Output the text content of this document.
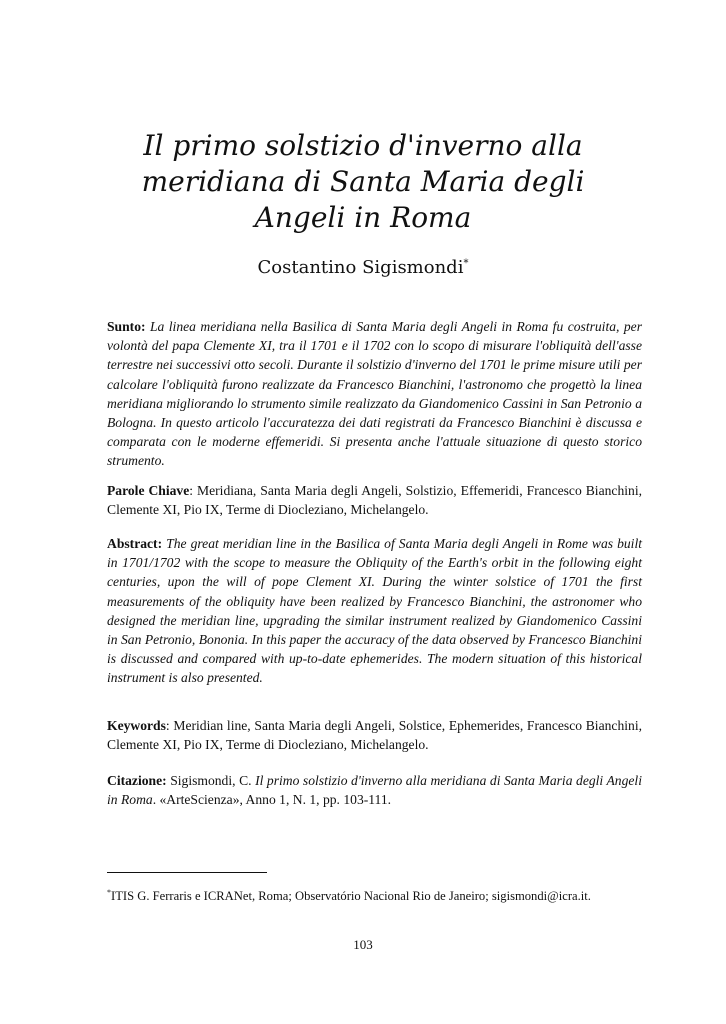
Il primo solstizio d'inverno alla meridiana di Santa Maria degli Angeli in Roma
Costantino Sigismondi*
Sunto: La linea meridiana nella Basilica di Santa Maria degli Angeli in Roma fu costruita, per volontà del papa Clemente XI, tra il 1701 e il 1702 con lo scopo di misurare l'obliquità dell'asse terrestre nei successivi otto secoli. Durante il solstizio d'inverno del 1701 le prime misure utili per calcolare l'obliquità furono realizzate da Francesco Bianchini, l'astronomo che progettò la linea meridiana migliorando lo strumento simile realizzato da Giandomenico Cassini in San Petronio a Bologna. In questo articolo l'accuratezza dei dati registrati da Francesco Bianchini è discussa e comparata con le moderne effemeridi. Si presenta anche l'attuale situazione di questo storico strumento.
Parole Chiave: Meridiana, Santa Maria degli Angeli, Solstizio, Effemeridi, Francesco Bianchini, Clemente XI, Pio IX, Terme di Diocleziano, Michelangelo.
Abstract: The great meridian line in the Basilica of Santa Maria degli Angeli in Rome was built in 1701/1702 with the scope to measure the Obliquity of the Earth's orbit in the following eight centuries, upon the will of pope Clement XI. During the winter solstice of 1701 the first measurements of the obliquity have been realized by Francesco Bianchini, the astronomer who designed the meridian line, upgrading the similar instrument realized by Giandomenico Cassini in San Petronio, Bononia. In this paper the accuracy of the data observed by Francesco Bianchini is discussed and compared with up-to-date ephemerides. The modern situation of this historical instrument is also presented.
Keywords: Meridian line, Santa Maria degli Angeli, Solstice, Ephemerides, Francesco Bianchini, Clemente XI, Pio IX, Terme di Diocleziano, Michelangelo.
Citazione: Sigismondi, C. Il primo solstizio d'inverno alla meridiana di Santa Maria degli Angeli in Roma. «ArteScienza», Anno 1, N. 1, pp. 103-111.
*ITIS G. Ferraris e ICRANet, Roma; Observatório Nacional Rio de Janeiro; sigismondi@icra.it.
103
